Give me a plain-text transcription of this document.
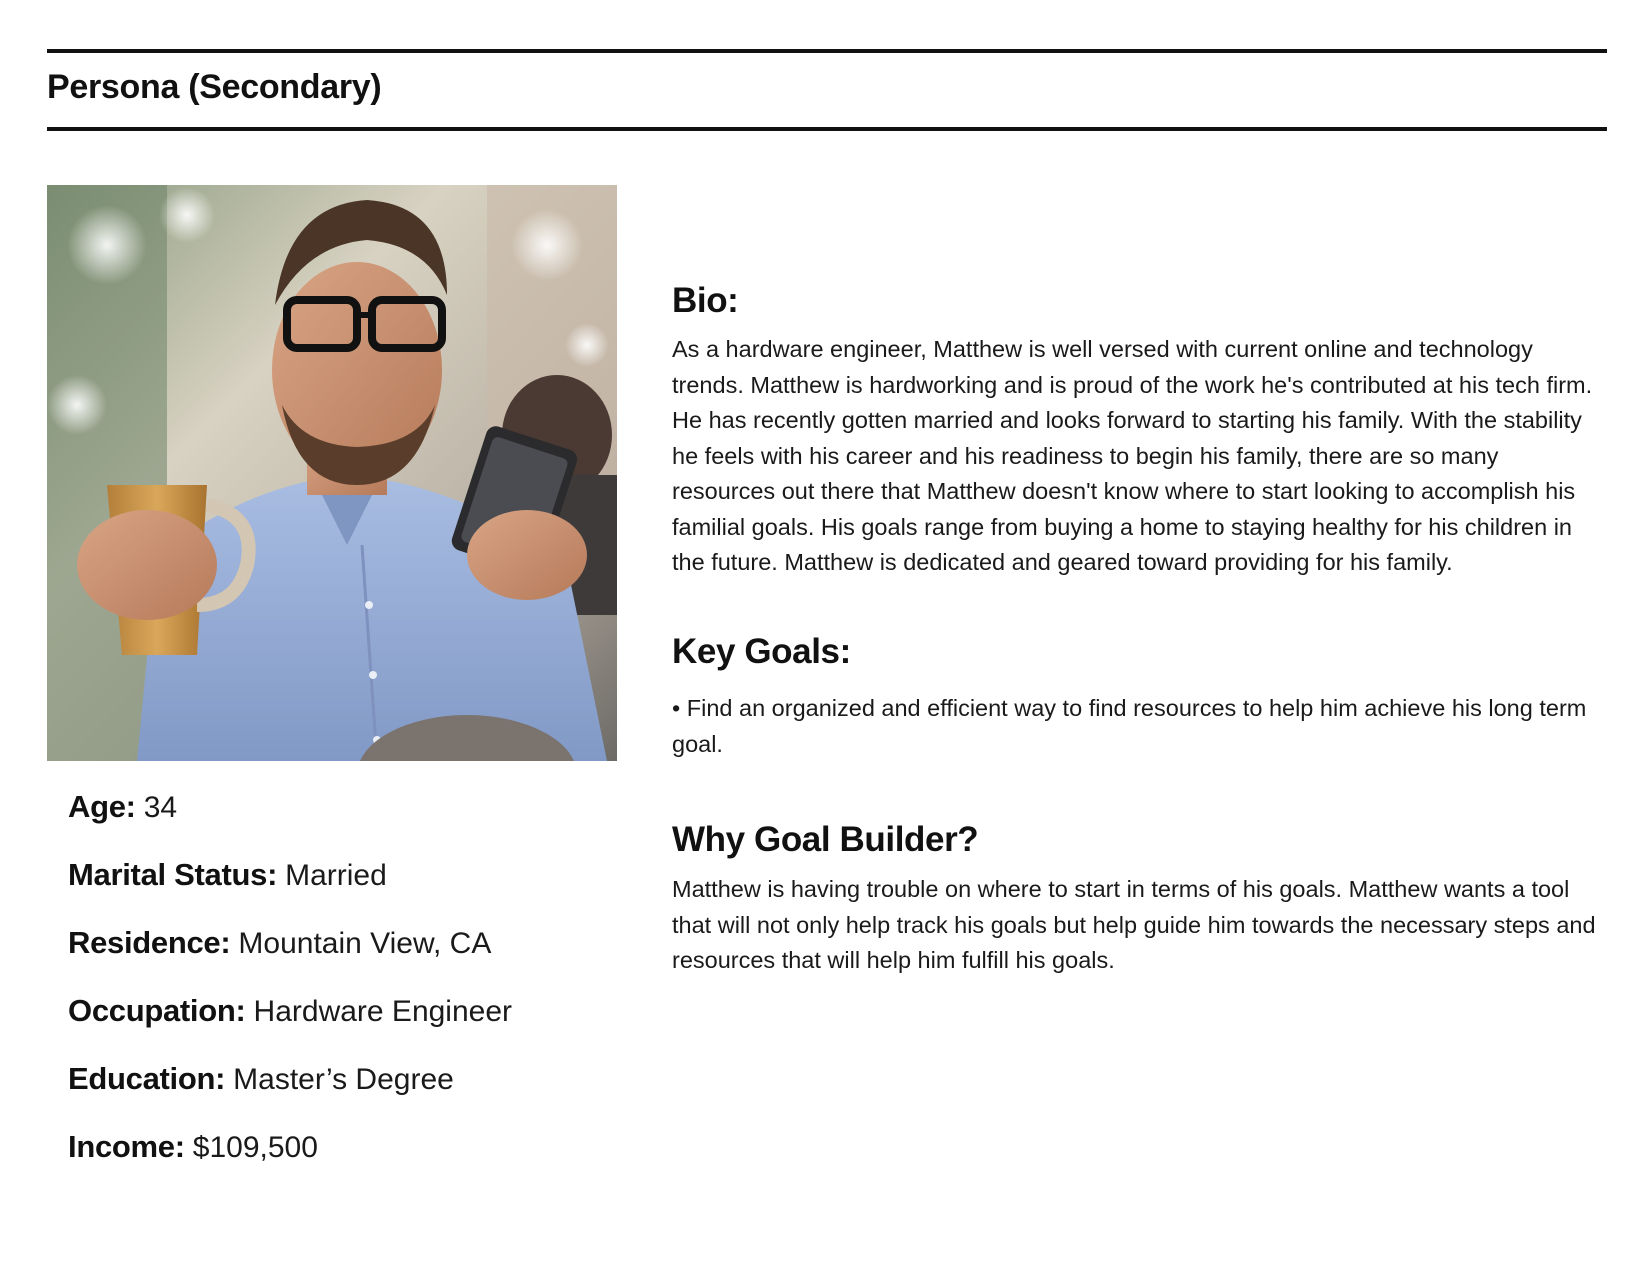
Persona (Secondary)
Age: 34
Marital Status: Married
Residence: Mountain View, CA
Occupation: Hardware Engineer
Education: Master’s Degree
Income: $109,500
Bio:

As a hardware engineer, Matthew is well versed with current online and technology trends. Matthew is hardworking and is proud of the work he's contributed at his tech firm. He has recently gotten married and looks forward to starting his family. With the stability he feels with his career and his readiness to begin his family, there are so many resources out there that Matthew doesn't know where to start looking to accomplish his familial goals. His goals range from buying a home to staying healthy for his children in the future. Matthew is dedicated and geared toward providing for his family.

Key Goals:

• Find an organized and efficient way to find resources to help him achieve his long term goal.

Why Goal Builder?

Matthew is having trouble on where to start in terms of his goals. Matthew wants a tool that will not only help track his goals but help guide him towards the necessary steps and resources that will help him fulfill his goals.
